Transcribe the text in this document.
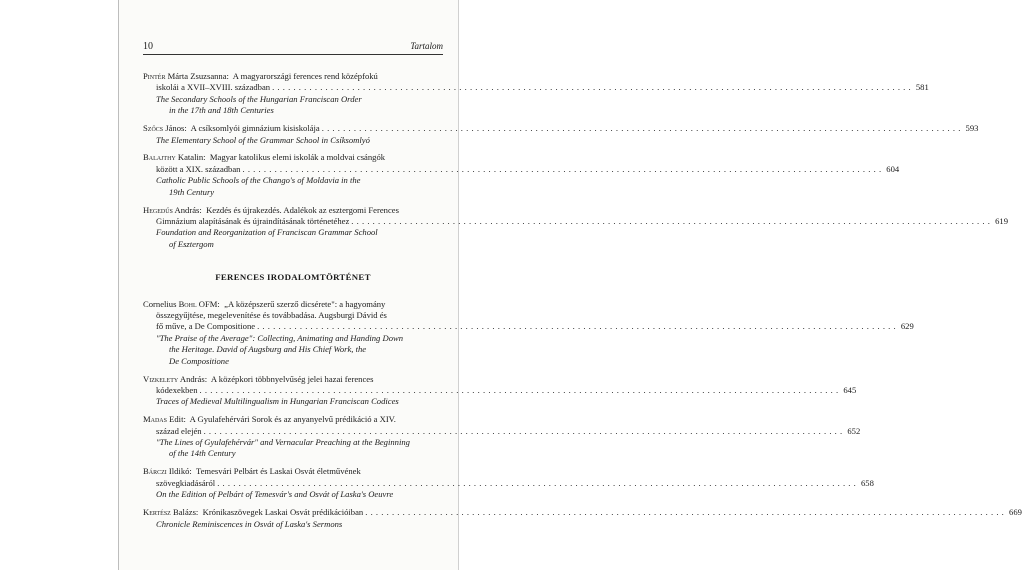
10	Tartalom
Pintér Márta Zsuzsanna: A magyarországi ferences rend középfokú
iskolái a XVII–XVIII. században ........................................................................................................................ 581
The Secondary Schools of the Hungarian Franciscan Order
in the 17th and 18th Centuries
Szőcs János: A csíksomlyói gimnázium kisiskolája ........................................................................................................................ 593
The Elementary School of the Grammar School in Csíksomlyó
Balajthy Katalin: Magyar katolikus elemi iskolák a moldvai csángók
között a XIX. században ........................................................................................................................ 604
Catholic Public Schools of the Chango's of Moldavia in the
19th Century
Hegedűs András: Kezdés és újrakezdés. Adalékok az esztergomi Ferences
Gimnázium alapításának és újraindításának történetéhez ........................................................................................................................ 619
Foundation and Reorganization of Franciscan Grammar School
of Esztergom
FERENCES IRODALOMTÖRTÉNET
Cornelius Bohl OFM: „A középszerű szerző dicsérete": a hagyomány
összegyűjtése, megelevenítése és továbbadása. Augsburgi Dávid és
fő műve, a De Compositione ........................................................................................................................ 629
"The Praise of the Average": Collecting, Animating and Handing Down
the Heritage. David of Augsburg and His Chief Work, the
De Compositione
Vizkelety András: A középkori többnyelvűség jelei hazai ferences
kódexekben ........................................................................................................................ 645
Traces of Medieval Multilingualism in Hungarian Franciscan Codices
Madas Edit: A Gyulafehérvári Sorok és az anyanyelvű prédikáció a XIV.
század elején ........................................................................................................................ 652
"The Lines of Gyulafehérvár" and Vernacular Preaching at the Beginning
of the 14th Century
Bárczi Ildikó: Temesvári Pelbárt és Laskai Osvát életművének
szövegkiadásáról ........................................................................................................................ 658
On the Edition of Pelbárt of Temesvár's and Osvát of Laska's Oeuvre
Kertész Balázs: Krónikaszövegek Laskai Osvát prédikációiban ........................................................................................................................ 669
Chronicle Reminiscences in Osvát of Laska's Sermons
